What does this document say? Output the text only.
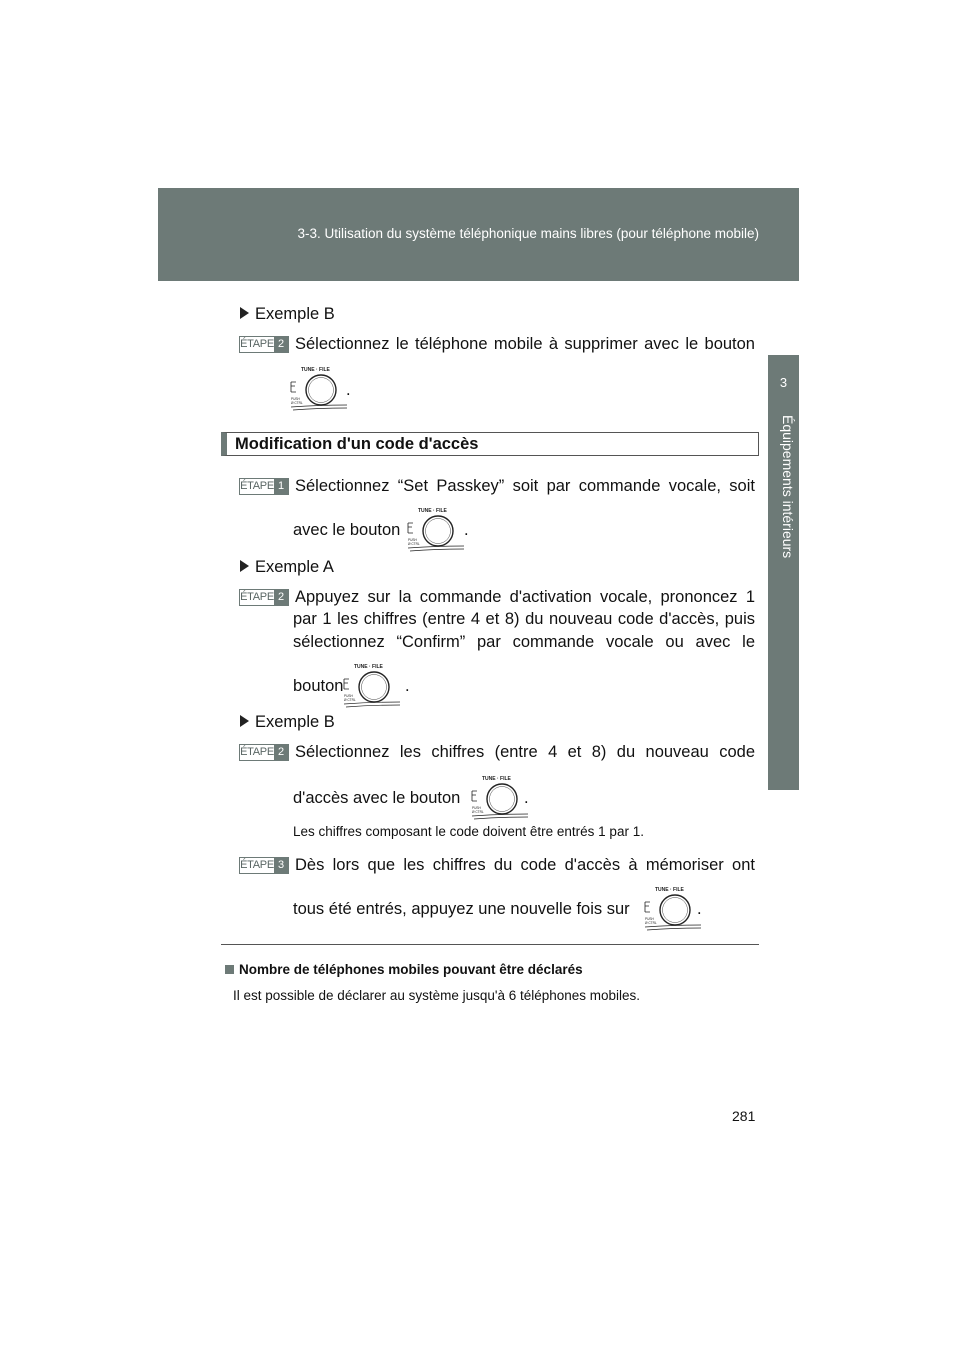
3-3. Utilisation du système téléphonique mains libres (pour téléphone mobile)
3
Équipements intérieurs
Exemple B
ÉTAPE 2 Sélectionnez le téléphone mobile à supprimer avec le bouton
TUNE · FILE
PUSH
Ø CTRL
.
Modification d'un code d'accès
ÉTAPE 1 Sélectionnez “Set Passkey” soit par commande vocale, soit
avec le bouton
TUNE · FILE
PUSH
Ø CTRL
.
Exemple A
ÉTAPE 2 Appuyez sur la commande d'activation vocale, prononcez 1
par 1 les chiffres (entre 4 et 8) du nouveau code d'accès, puis
sélectionnez “Confirm” par commande vocale ou avec le
bouton
TUNE · FILE
PUSH
Ø CTRL
.
Exemple B
ÉTAPE 2 Sélectionnez les chiffres (entre 4 et 8) du nouveau code
d'accès avec le bouton
TUNE · FILE
PUSH
Ø CTRL
.
Les chiffres composant le code doivent être entrés 1 par 1.
ÉTAPE 3 Dès lors que les chiffres du code d'accès à mémoriser ont
tous été entrés, appuyez une nouvelle fois sur
TUNE · FILE
PUSH
Ø CTRL
.
Nombre de téléphones mobiles pouvant être déclarés
Il est possible de déclarer au système jusqu'à 6 téléphones mobiles.
281
